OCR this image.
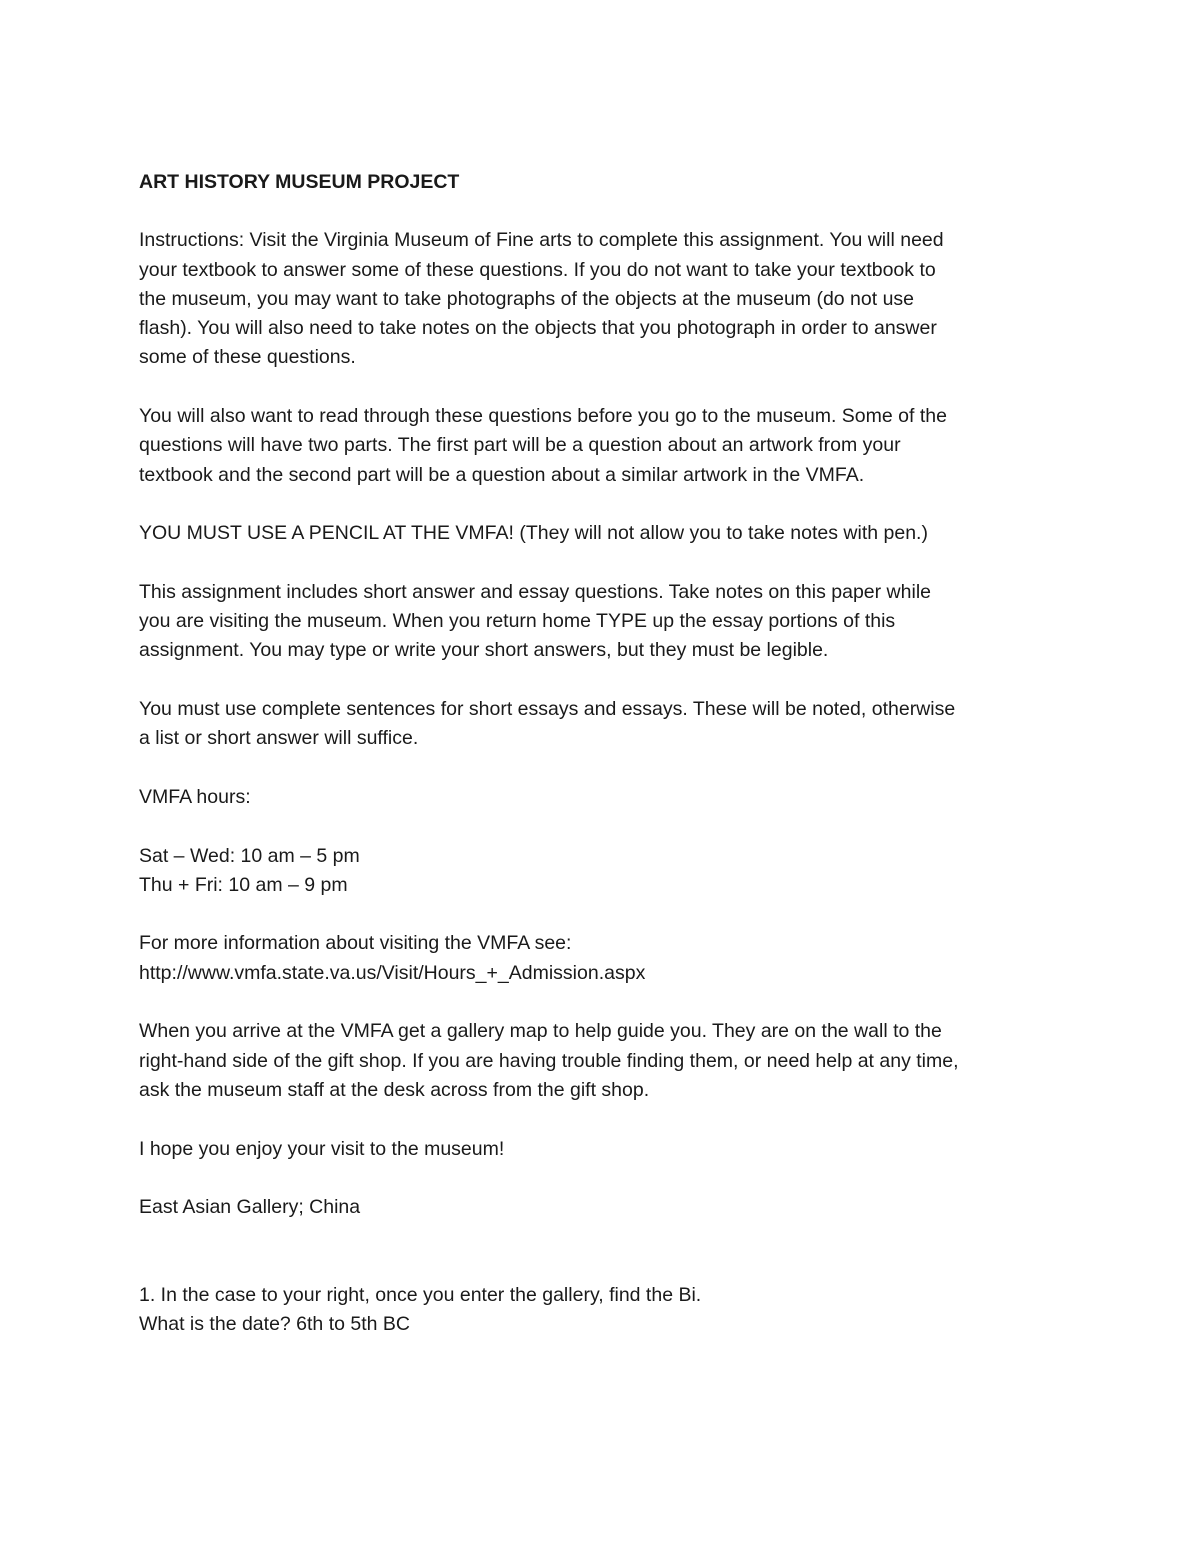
ART HISTORY MUSEUM PROJECT

Instructions: Visit the Virginia Museum of Fine arts to complete this assignment. You will need
your textbook to answer some of these questions. If you do not want to take your textbook to
the museum, you may want to take photographs of the objects at the museum (do not use
flash). You will also need to take notes on the objects that you photograph in order to answer
some of these questions.

You will also want to read through these questions before you go to the museum. Some of the
questions will have two parts. The first part will be a question about an artwork from your
textbook and the second part will be a question about a similar artwork in the VMFA.

YOU MUST USE A PENCIL AT THE VMFA! (They will not allow you to take notes with pen.)

This assignment includes short answer and essay questions. Take notes on this paper while
you are visiting the museum. When you return home TYPE up the essay portions of this
assignment. You may type or write your short answers, but they must be legible.

You must use complete sentences for short essays and essays. These will be noted, otherwise
a list or short answer will suffice.

VMFA hours:

Sat – Wed: 10 am – 5 pm
Thu + Fri: 10 am – 9 pm

For more information about visiting the VMFA see:
http://www.vmfa.state.va.us/Visit/Hours_+_Admission.aspx

When you arrive at the VMFA get a gallery map to help guide you. They are on the wall to the
right-hand side of the gift shop. If you are having trouble finding them, or need help at any time,
ask the museum staff at the desk across from the gift shop.

I hope you enjoy your visit to the museum!

East Asian Gallery; China

1. In the case to your right, once you enter the gallery, find the Bi.
What is the date? 6th to 5th BC
